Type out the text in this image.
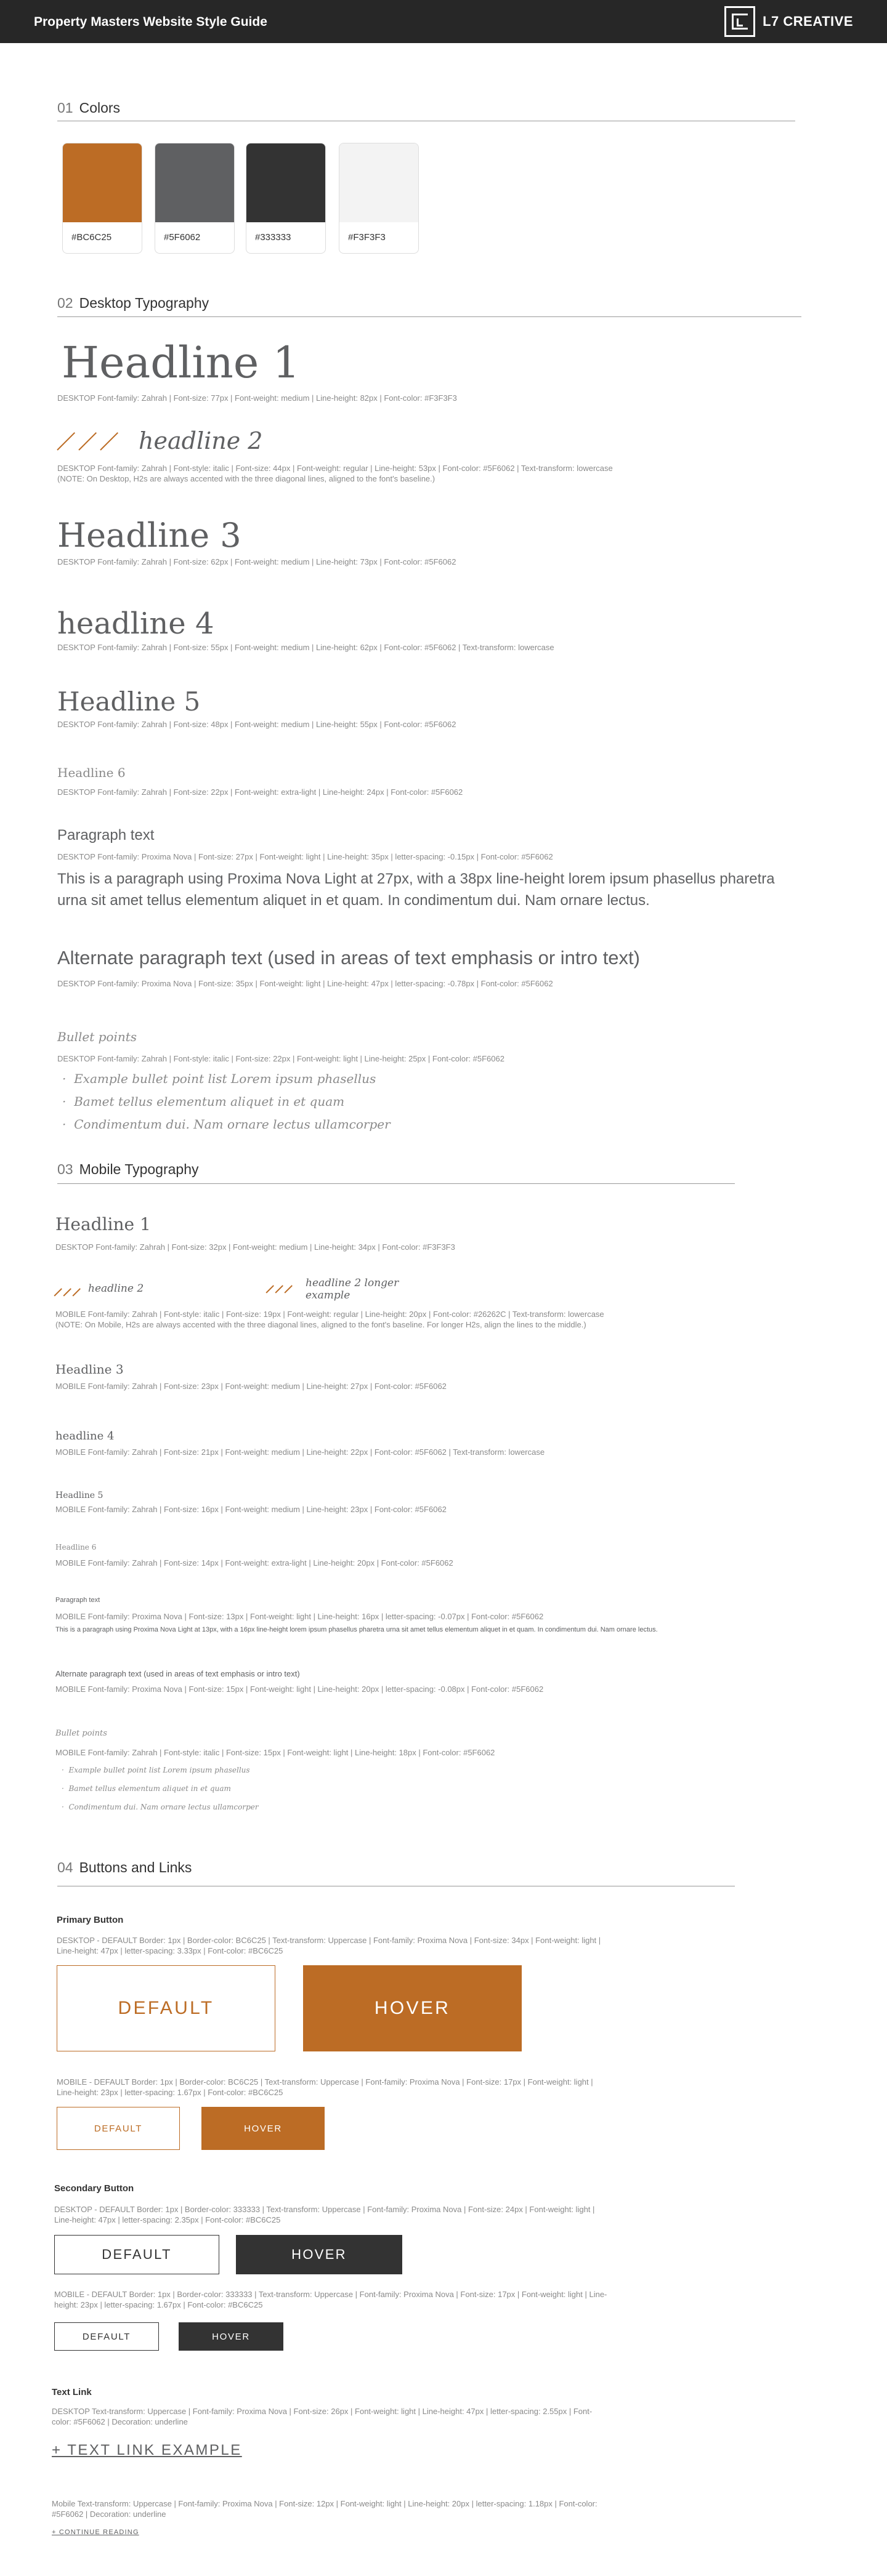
Property Masters Website Style Guide	L7 CREATIVE
01 Colors
#BC6C25	#5F6062	#333333	#F3F3F3
02 Desktop Typography
Headline 1
DESKTOP Font-family: Zahrah | Font-size: 77px | Font-weight: medium | Line-height: 82px | Font-color: #F3F3F3
headline 2
DESKTOP Font-family: Zahrah | Font-style: italic | Font-size: 44px | Font-weight: regular | Line-height: 53px | Font-color: #5F6062 | Text-transform: lowercase
(NOTE: On Desktop, H2s are always accented with the three diagonal lines, aligned to the font's baseline.)
Headline 3
DESKTOP Font-family: Zahrah | Font-size: 62px | Font-weight: medium | Line-height: 73px | Font-color: #5F6062
headline 4
DESKTOP Font-family: Zahrah | Font-size: 55px | Font-weight: medium | Line-height: 62px | Font-color: #5F6062 | Text-transform: lowercase
Headline 5
DESKTOP Font-family: Zahrah | Font-size: 48px | Font-weight: medium | Line-height: 55px | Font-color: #5F6062
Headline 6
DESKTOP Font-family: Zahrah | Font-size: 22px | Font-weight: extra-light | Line-height: 24px | Font-color: #5F6062
Paragraph text
DESKTOP Font-family: Proxima Nova | Font-size: 27px | Font-weight: light | Line-height: 35px | letter-spacing: -0.15px | Font-color: #5F6062
This is a paragraph using Proxima Nova Light at 27px, with a 38px line-height lorem ipsum phasellus pharetra urna sit amet tellus elementum aliquet in et quam. In condimentum dui. Nam ornare lectus.
Alternate paragraph text (used in areas of text emphasis or intro text)
DESKTOP Font-family: Proxima Nova | Font-size: 35px | Font-weight: light | Line-height: 47px | letter-spacing: -0.78px | Font-color: #5F6062
Bullet points
DESKTOP Font-family: Zahrah | Font-style: italic | Font-size: 22px | Font-weight: light | Line-height: 25px | Font-color: #5F6062
·  Example bullet point list Lorem ipsum phasellus
·  Bamet tellus elementum aliquet in et quam
·  Condimentum dui. Nam ornare lectus ullamcorper
03 Mobile Typography
Headline 1
DESKTOP Font-family: Zahrah | Font-size: 32px | Font-weight: medium | Line-height: 34px | Font-color: #F3F3F3
headline 2	headline 2 longer example
MOBILE Font-family: Zahrah | Font-style: italic | Font-size: 19px | Font-weight: regular | Line-height: 20px | Font-color: #26262C | Text-transform: lowercase
(NOTE: On Mobile, H2s are always accented with the three diagonal lines, aligned to the font's baseline. For longer H2s, align the lines to the middle.)
Headline 3
MOBILE Font-family: Zahrah | Font-size: 23px | Font-weight: medium | Line-height: 27px | Font-color: #5F6062
headline 4
MOBILE Font-family: Zahrah | Font-size: 21px | Font-weight: medium | Line-height: 22px | Font-color: #5F6062 | Text-transform: lowercase
Headline 5
MOBILE Font-family: Zahrah | Font-size: 16px | Font-weight: medium | Line-height: 23px | Font-color: #5F6062
Headline 6
MOBILE Font-family: Zahrah | Font-size: 14px | Font-weight: extra-light | Line-height: 20px | Font-color: #5F6062
Paragraph text
MOBILE Font-family: Proxima Nova | Font-size: 13px | Font-weight: light | Line-height: 16px | letter-spacing: -0.07px | Font-color: #5F6062
This is a paragraph using Proxima Nova Light at 13px, with a 16px line-height lorem ipsum phasellus pharetra urna sit amet tellus elementum aliquet in et quam. In condimentum dui. Nam ornare lectus.
Alternate paragraph text (used in areas of text emphasis or intro text)
MOBILE Font-family: Proxima Nova | Font-size: 15px | Font-weight: light | Line-height: 20px | letter-spacing: -0.08px | Font-color: #5F6062
Bullet points
MOBILE Font-family: Zahrah | Font-style: italic | Font-size: 15px | Font-weight: light | Line-height: 18px | Font-color: #5F6062
·  Example bullet point list Lorem ipsum phasellus
·  Bamet tellus elementum aliquet in et quam
·  Condimentum dui. Nam ornare lectus ullamcorper
04 Buttons and Links
Primary Button
DESKTOP - DEFAULT Border: 1px | Border-color: BC6C25 | Text-transform: Uppercase | Font-family: Proxima Nova | Font-size: 34px | Font-weight: light | Line-height: 47px | letter-spacing: 3.33px | Font-color: #BC6C25
DEFAULT	HOVER
MOBILE - DEFAULT Border: 1px | Border-color: BC6C25 | Text-transform: Uppercase | Font-family: Proxima Nova | Font-size: 17px | Font-weight: light | Line-height: 23px | letter-spacing: 1.67px | Font-color: #BC6C25
DEFAULT	HOVER
Secondary Button
DESKTOP - DEFAULT Border: 1px | Border-color: 333333 | Text-transform: Uppercase | Font-family: Proxima Nova | Font-size: 24px | Font-weight: light | Line-height: 47px | letter-spacing: 2.35px | Font-color: #BC6C25
DEFAULT	HOVER
MOBILE - DEFAULT Border: 1px | Border-color: 333333 | Text-transform: Uppercase | Font-family: Proxima Nova | Font-size: 17px | Font-weight: light | Line-height: 23px | letter-spacing: 1.67px | Font-color: #BC6C25
DEFAULT	HOVER
Text Link
DESKTOP Text-transform: Uppercase | Font-family: Proxima Nova | Font-size: 26px | Font-weight: light | Line-height: 47px | letter-spacing: 2.55px | Font-color: #5F6062 | Decoration: underline
+ TEXT LINK EXAMPLE
Mobile Text-transform: Uppercase | Font-family: Proxima Nova | Font-size: 12px | Font-weight: light | Line-height: 20px | letter-spacing: 1.18px | Font-color: #5F6062 | Decoration: underline
+ CONTINUE READING
